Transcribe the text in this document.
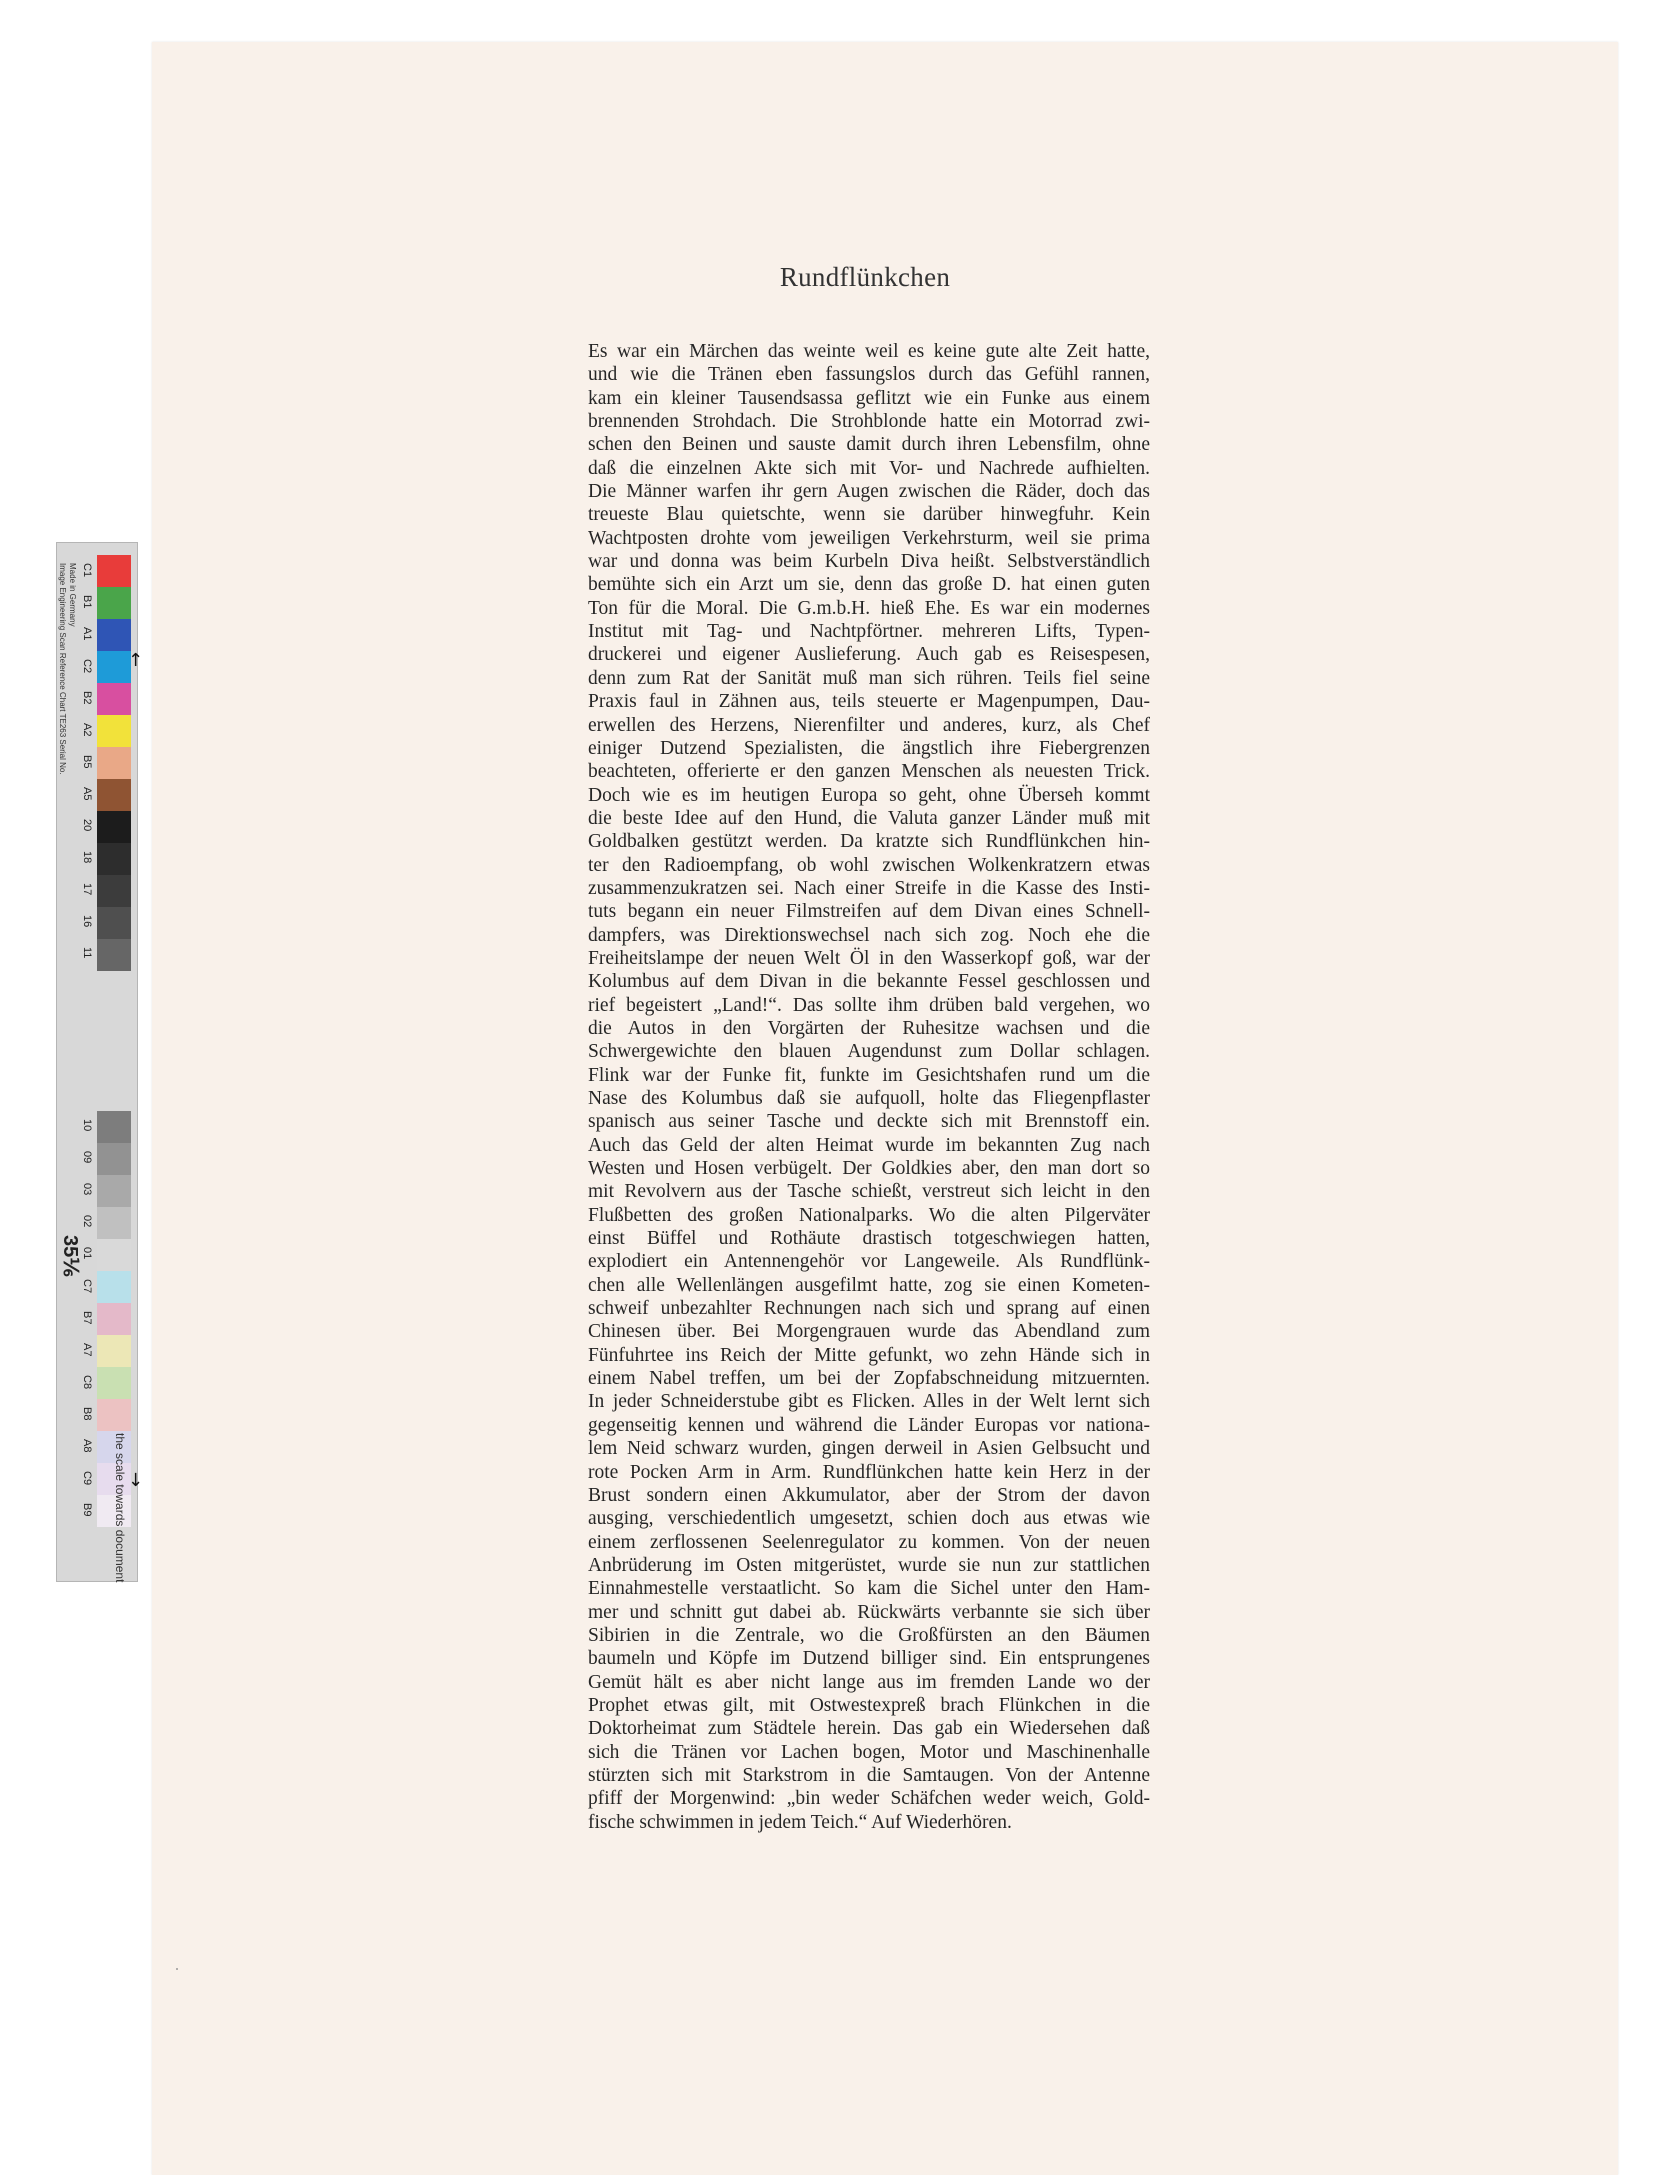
Rundflünkchen
Es war ein Märchen das weinte weil es keine gute alte Zeit hatte,
und wie die Tränen eben fassungslos durch das Gefühl rannen,
kam ein kleiner Tausendsassa geflitzt wie ein Funke aus einem
brennenden Strohdach. Die Strohblonde hatte ein Motorrad zwi-
schen den Beinen und sauste damit durch ihren Lebensfilm, ohne
daß die einzelnen Akte sich mit Vor- und Nachrede aufhielten.
Die Männer warfen ihr gern Augen zwischen die Räder, doch das
treueste Blau quietschte, wenn sie darüber hinwegfuhr. Kein
Wachtposten drohte vom jeweiligen Verkehrsturm, weil sie prima
war und donna was beim Kurbeln Diva heißt. Selbstverständlich
bemühte sich ein Arzt um sie, denn das große D. hat einen guten
Ton für die Moral. Die G.m.b.H. hieß Ehe. Es war ein modernes
Institut mit Tag- und Nachtpförtner. mehreren Lifts, Typen-
druckerei und eigener Auslieferung. Auch gab es Reisespesen,
denn zum Rat der Sanität muß man sich rühren. Teils fiel seine
Praxis faul in Zähnen aus, teils steuerte er Magenpumpen, Dau-
erwellen des Herzens, Nierenfilter und anderes, kurz, als Chef
einiger Dutzend Spezialisten, die ängstlich ihre Fiebergrenzen
beachteten, offerierte er den ganzen Menschen als neuesten Trick.
Doch wie es im heutigen Europa so geht, ohne Überseh kommt
die beste Idee auf den Hund, die Valuta ganzer Länder muß mit
Goldbalken gestützt werden. Da kratzte sich Rundflünkchen hin-
ter den Radioempfang, ob wohl zwischen Wolkenkratzern etwas
zusammenzukratzen sei. Nach einer Streife in die Kasse des Insti-
tuts begann ein neuer Filmstreifen auf dem Divan eines Schnell-
dampfers, was Direktionswechsel nach sich zog. Noch ehe die
Freiheitslampe der neuen Welt Öl in den Wasserkopf goß, war der
Kolumbus auf dem Divan in die bekannte Fessel geschlossen und
rief begeistert „Land!“. Das sollte ihm drüben bald vergehen, wo
die Autos in den Vorgärten der Ruhesitze wachsen und die
Schwergewichte den blauen Augendunst zum Dollar schlagen.
Flink war der Funke fit, funkte im Gesichtshafen rund um die
Nase des Kolumbus daß sie aufquoll, holte das Fliegenpflaster
spanisch aus seiner Tasche und deckte sich mit Brennstoff ein.
Auch das Geld der alten Heimat wurde im bekannten Zug nach
Westen und Hosen verbügelt. Der Goldkies aber, den man dort so
mit Revolvern aus der Tasche schießt, verstreut sich leicht in den
Flußbetten des großen Nationalparks. Wo die alten Pilgerväter
einst Büffel und Rothäute drastisch totgeschwiegen hatten,
explodiert ein Antennengehör vor Langeweile. Als Rundflünk-
chen alle Wellenlängen ausgefilmt hatte, zog sie einen Kometen-
schweif unbezahlter Rechnungen nach sich und sprang auf einen
Chinesen über. Bei Morgengrauen wurde das Abendland zum
Fünfuhrtee ins Reich der Mitte gefunkt, wo zehn Hände sich in
einem Nabel treffen, um bei der Zopfabschneidung mitzuernten.
In jeder Schneiderstube gibt es Flicken. Alles in der Welt lernt sich
gegenseitig kennen und während die Länder Europas vor nationa-
lem Neid schwarz wurden, gingen derweil in Asien Gelbsucht und
rote Pocken Arm in Arm. Rundflünkchen hatte kein Herz in der
Brust sondern einen Akkumulator, aber der Strom der davon
ausging, verschiedentlich umgesetzt, schien doch aus etwas wie
einem zerflossenen Seelenregulator zu kommen. Von der neuen
Anbrüderung im Osten mitgerüstet, wurde sie nun zur stattlichen
Einnahmestelle verstaatlicht. So kam die Sichel unter den Ham-
mer und schnitt gut dabei ab. Rückwärts verbannte sie sich über
Sibirien in die Zentrale, wo die Großfürsten an den Bäumen
baumeln und Köpfe im Dutzend billiger sind. Ein entsprungenes
Gemüt hält es aber nicht lange aus im fremden Lande wo der
Prophet etwas gilt, mit Ostwestexpreß brach Flünkchen in die
Doktorheimat zum Städtele herein. Das gab ein Wiedersehen daß
sich die Tränen vor Lachen bogen, Motor und Maschinenhalle
stürzten sich mit Starkstrom in die Samtaugen. Von der Antenne
pfiff der Morgenwind: „bin weder Schäfchen weder weich, Gold-
fische schwimmen in jedem Teich.“ Auf Wiederhören.
Image Engineering Scan Reference Chart TE263 Serial No. Made in Germany
35⅙
the scale towards document
C1
B1
A1
C2
B2
A2
B5
A5
20
18
17
16
11
10
09
03
02
01
C7
B7
A7
C8
B8
A8
C9
B9
↑
↓
